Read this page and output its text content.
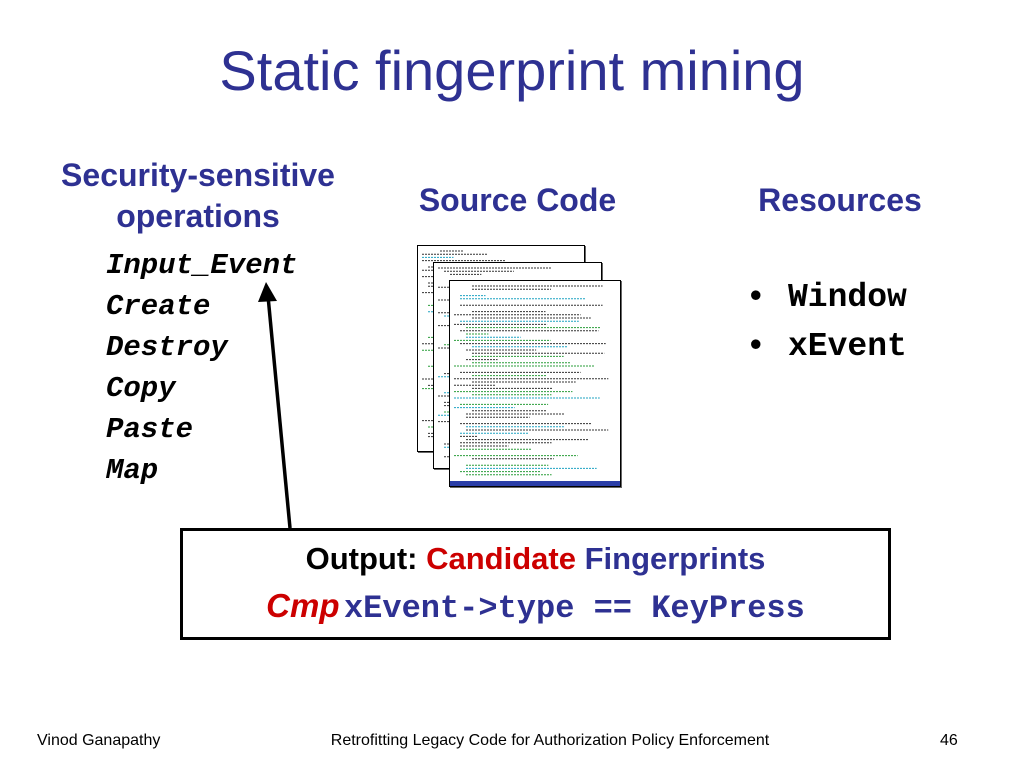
Static fingerprint mining
Security-sensitive
operations	Source Code	Resources
Input_Event
Create
Destroy
Copy
Paste
Map
• Window
• xEvent
Output: Candidate Fingerprints
Cmp xEvent->type == KeyPress
Vinod Ganapathy	Retrofitting Legacy Code for Authorization Policy Enforcement	46
